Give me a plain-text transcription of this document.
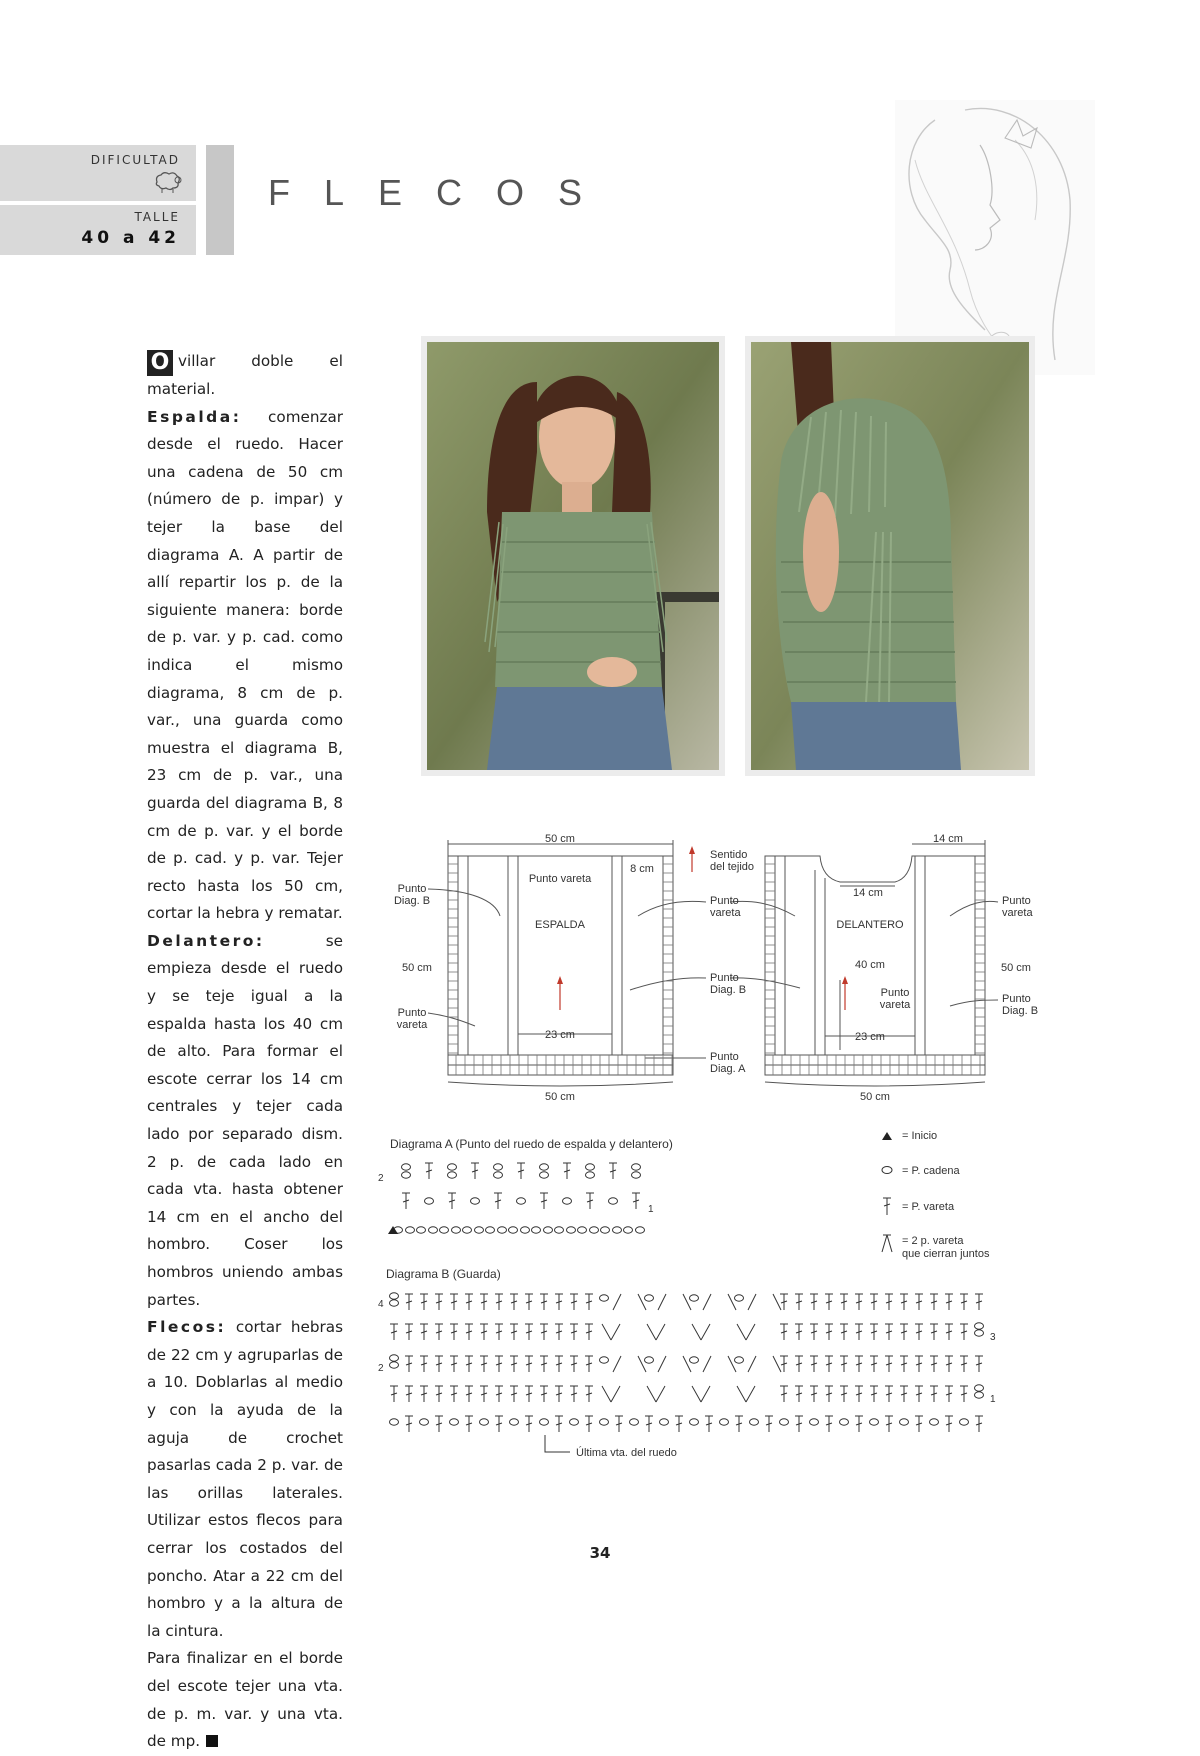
DIFICULTAD
TALLE
40 a 42
FLECOS

O villar doble el material.

Espalda: comenzar desde el ruedo. Hacer una cadena de 50 cm (número de p. impar) y tejer la base del diagrama A. A partir de allí repartir los p. de la siguiente manera: borde de p. var. y p. cad. como indica el mismo diagrama, 8 cm de p. var., una guarda como muestra el diagrama B, 23 cm de p. var., una guarda del diagrama B, 8 cm de p. var. y el borde de p. cad. y p. var. Tejer recto hasta los 50 cm, cortar la hebra y rematar.

Delantero: se empieza desde el ruedo y se teje igual a la espalda hasta los 40 cm de alto. Para formar el escote cerrar los 14 cm centrales y tejer cada lado por separado dism. 2 p. de cada lado en cada vta. hasta obtener 14 cm en el ancho del hombro. Coser los hombros uniendo ambas partes.

Flecos: cortar hebras de 22 cm y agruparlas de a 10. Doblarlas al medio y con la ayuda de la aguja de crochet pasarlas cada 2 p. var. de las orillas laterales. Utilizar estos flecos para cerrar los costados del poncho. Atar a 22 cm del hombro y a la altura de la cintura.

Para finalizar en el borde del escote tejer una vta. de p. m. var. y una vta. de mp.

50 cm
8 cm
Punto vareta
ESPALDA
23 cm
50 cm
50 cm
Punto Diag. B
Punto vareta
Sentido del tejido
Punto vareta
Punto Diag. B
Punto Diag. A
14 cm
14 cm
DELANTERO
40 cm
Punto vareta
23 cm
50 cm
50 cm
Punto vareta
Punto Diag. B
Diagrama A (Punto del ruedo de espalda y delantero)
2
1
= Inicio
= P. cadena
= P. vareta
= 2 p. vareta que cierran juntos
Diagrama B (Guarda)
4
3
2
1
Última vta. del ruedo
34
